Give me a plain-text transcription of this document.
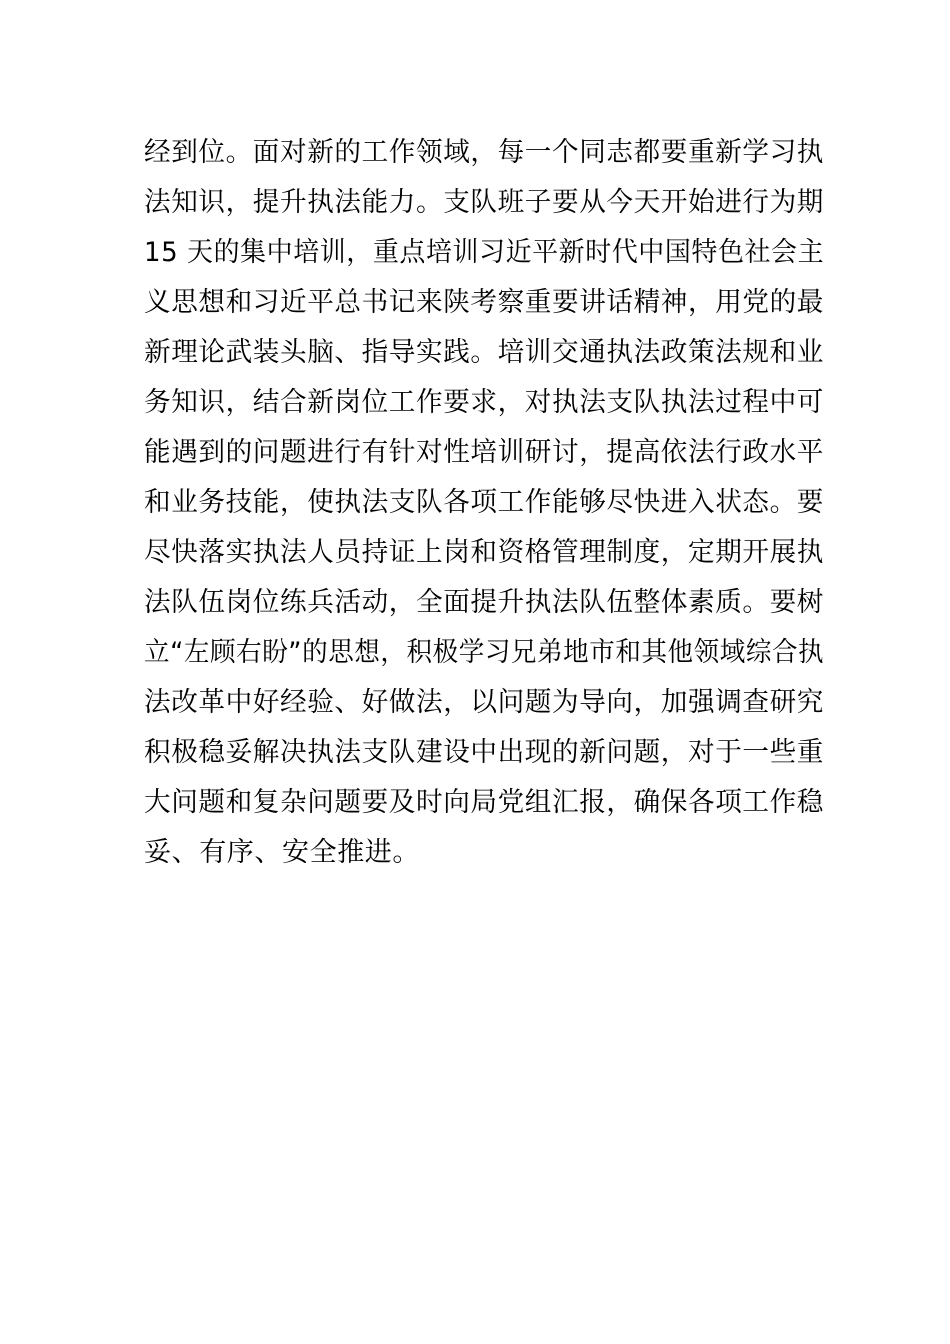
经到位。面对新的工作领域，每一个同志都要重新学习执
法知识，提升执法能力。支队班子要从今天开始进行为期
15 天的集中培训，重点培训习近平新时代中国特色社会主
义思想和习近平总书记来陕考察重要讲话精神，用党的最
新理论武装头脑、指导实践。培训交通执法政策法规和业
务知识，结合新岗位工作要求，对执法支队执法过程中可
能遇到的问题进行有针对性培训研讨，提高依法行政水平
和业务技能，使执法支队各项工作能够尽快进入状态。要
尽快落实执法人员持证上岗和资格管理制度，定期开展执
法队伍岗位练兵活动，全面提升执法队伍整体素质。要树
立“左顾右盼”的思想，积极学习兄弟地市和其他领域综合执
法改革中好经验、好做法，以问题为导向，加强调查研究
积极稳妥解决执法支队建设中出现的新问题，对于一些重
大问题和复杂问题要及时向局党组汇报，确保各项工作稳
妥、有序、安全推进。
